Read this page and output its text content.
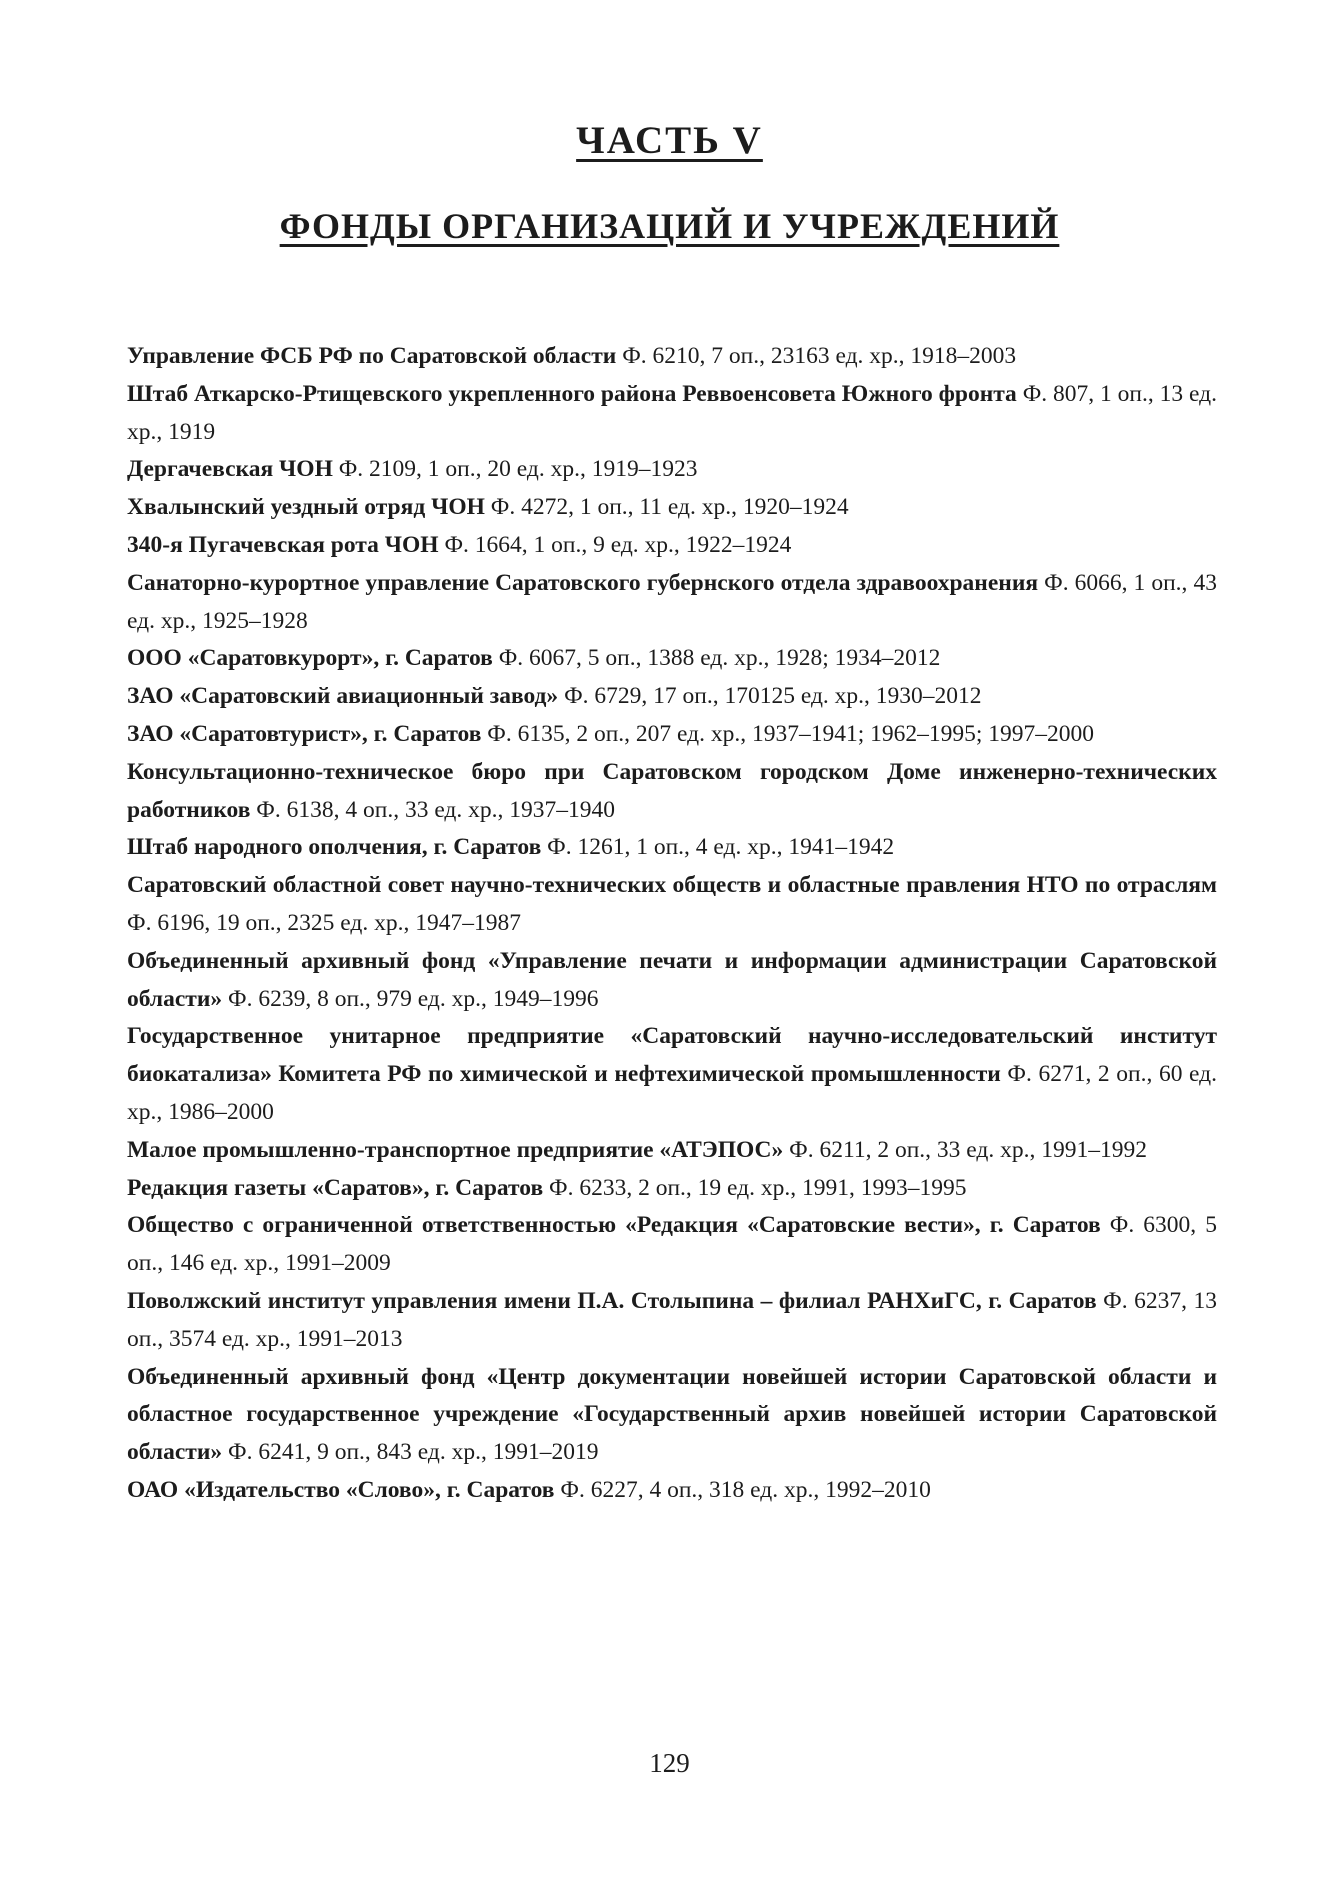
ЧАСТЬ V
ФОНДЫ ОРГАНИЗАЦИЙ И УЧРЕЖДЕНИЙ
Управление ФСБ РФ по Саратовской области Ф. 6210, 7 оп., 23163 ед. хр., 1918–2003
Штаб Аткарско-Ртищевского укрепленного района Реввоенсовета Южного фронта Ф. 807, 1 оп., 13 ед. хр., 1919
Дергачевская ЧОН Ф. 2109, 1 оп., 20 ед. хр., 1919–1923
Хвалынский уездный отряд ЧОН Ф. 4272, 1 оп., 11 ед. хр., 1920–1924
340-я Пугачевская рота ЧОН Ф. 1664, 1 оп., 9 ед. хр., 1922–1924
Санаторно-курортное управление Саратовского губернского отдела здравоохранения Ф. 6066, 1 оп., 43 ед. хр., 1925–1928
ООО «Саратовкурорт», г. Саратов Ф. 6067, 5 оп., 1388 ед. хр., 1928; 1934–2012
ЗАО «Саратовский авиационный завод» Ф. 6729, 17 оп., 170125 ед. хр., 1930–2012
ЗАО «Саратовтурист», г. Саратов Ф. 6135, 2 оп., 207 ед. хр., 1937–1941; 1962–1995; 1997–2000
Консультационно-техническое бюро при Саратовском городском Доме инженерно-технических работников Ф. 6138, 4 оп., 33 ед. хр., 1937–1940
Штаб народного ополчения, г. Саратов Ф. 1261, 1 оп., 4 ед. хр., 1941–1942
Саратовский областной совет научно-технических обществ и областные правления НТО по отраслям Ф. 6196, 19 оп., 2325 ед. хр., 1947–1987
Объединенный архивный фонд «Управление печати и информации администрации Саратовской области» Ф. 6239, 8 оп., 979 ед. хр., 1949–1996
Государственное унитарное предприятие «Саратовский научно-исследовательский институт биокатализа» Комитета РФ по химической и нефтехимической промышленности Ф. 6271, 2 оп., 60 ед. хр., 1986–2000
Малое промышленно-транспортное предприятие «АТЭПОС» Ф. 6211, 2 оп., 33 ед. хр., 1991–1992
Редакция газеты «Саратов», г. Саратов Ф. 6233, 2 оп., 19 ед. хр., 1991, 1993–1995
Общество с ограниченной ответственностью «Редакция «Саратовские вести», г. Саратов Ф. 6300, 5 оп., 146 ед. хр., 1991–2009
Поволжский институт управления имени П.А. Столыпина – филиал РАНХиГС, г. Саратов Ф. 6237, 13 оп., 3574 ед. хр., 1991–2013
Объединенный архивный фонд «Центр документации новейшей истории Саратовской области и областное государственное учреждение «Государственный архив новейшей истории Саратовской области» Ф. 6241, 9 оп., 843 ед. хр., 1991–2019
ОАО «Издательство «Слово», г. Саратов Ф. 6227, 4 оп., 318 ед. хр., 1992–2010
129
